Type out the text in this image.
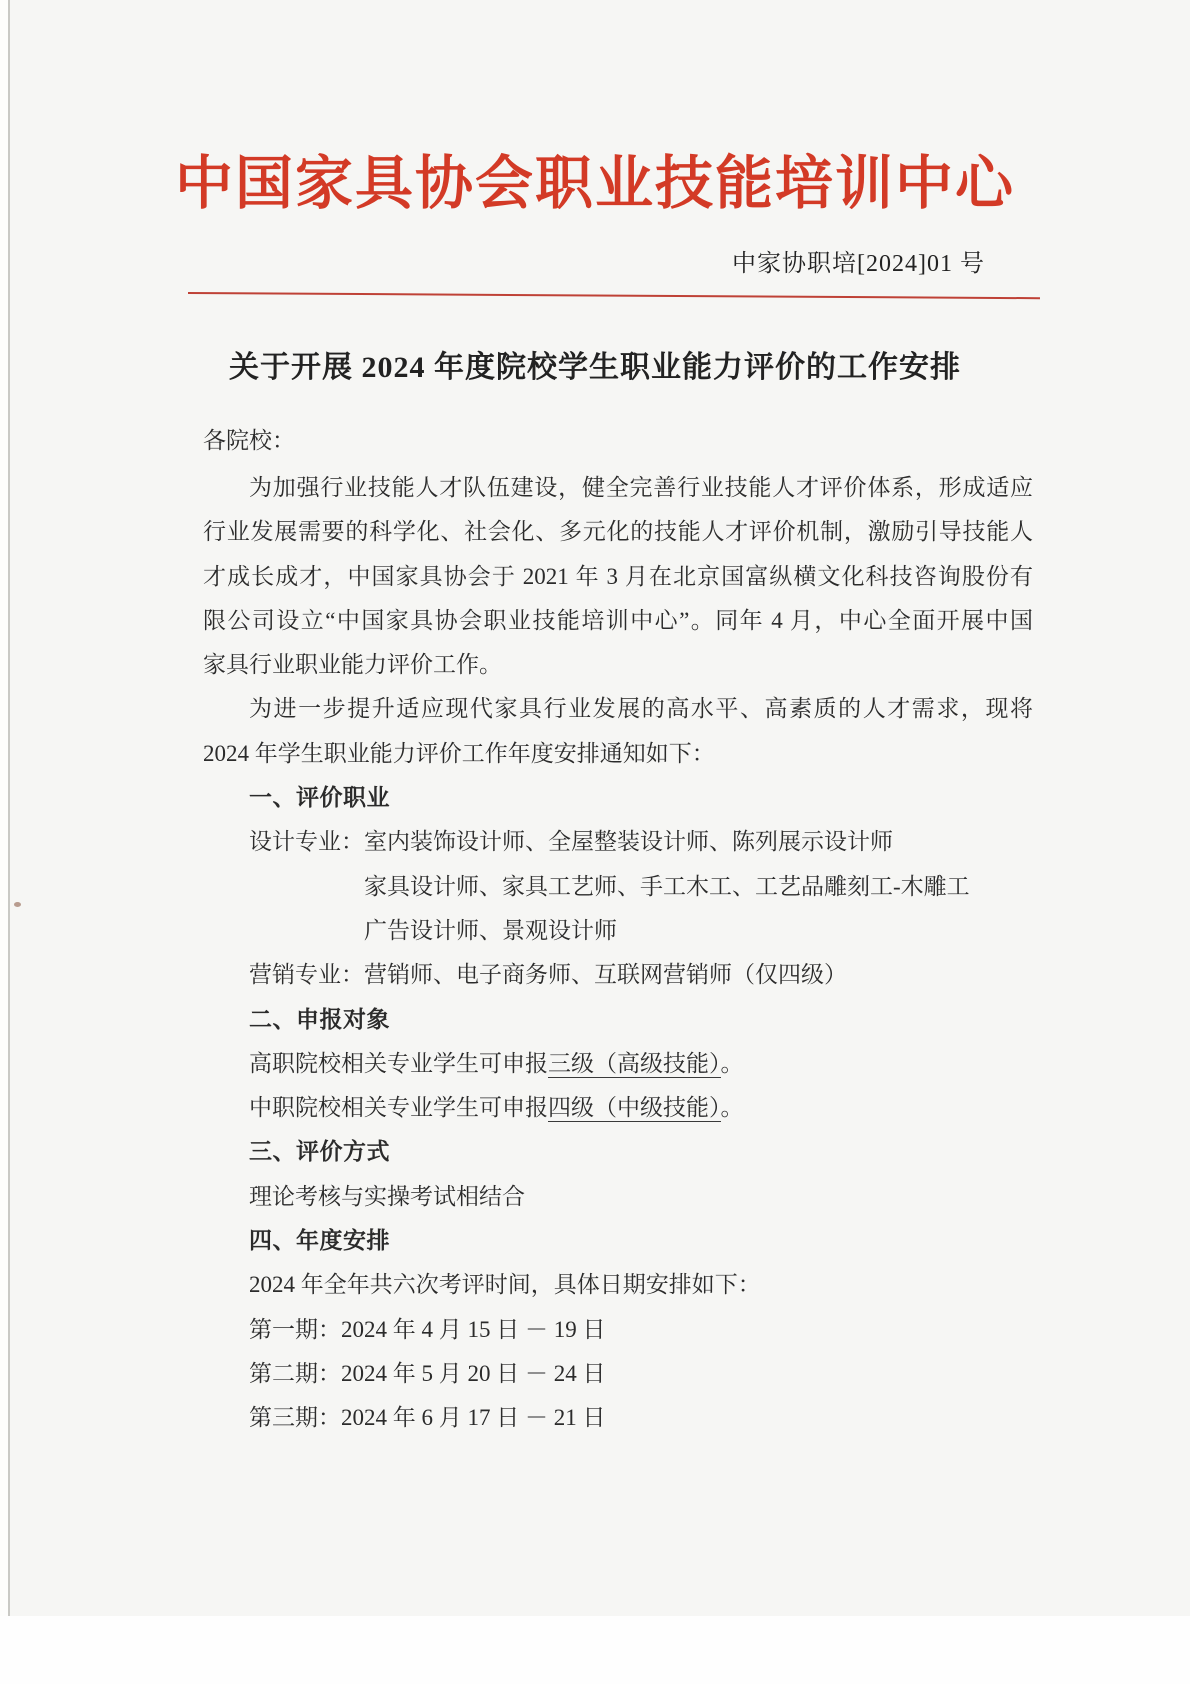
中国家具协会职业技能培训中心
中家协职培[2024]01 号
关于开展 2024 年度院校学生职业能力评价的工作安排
各院校：
为加强行业技能人才队伍建设，健全完善行业技能人才评价体系，形成适应
行业发展需要的科学化、社会化、多元化的技能人才评价机制，激励引导技能人
才成长成才，中国家具协会于 2021 年 3 月在北京国富纵横文化科技咨询股份有
限公司设立“中国家具协会职业技能培训中心”。同年 4 月，中心全面开展中国
家具行业职业能力评价工作。
为进一步提升适应现代家具行业发展的高水平、高素质的人才需求，现将
2024 年学生职业能力评价工作年度安排通知如下：
一、评价职业
设计专业：室内装饰设计师、全屋整装设计师、陈列展示设计师
家具设计师、家具工艺师、手工木工、工艺品雕刻工-木雕工
广告设计师、景观设计师
营销专业：营销师、电子商务师、互联网营销师（仅四级）
二、申报对象
高职院校相关专业学生可申报三级（高级技能）。
中职院校相关专业学生可申报四级（中级技能）。
三、评价方式
理论考核与实操考试相结合
四、年度安排
2024 年全年共六次考评时间，具体日期安排如下：
第一期：2024 年 4 月 15 日 － 19 日
第二期：2024 年 5 月 20 日 － 24 日
第三期：2024 年 6 月 17 日 － 21 日
